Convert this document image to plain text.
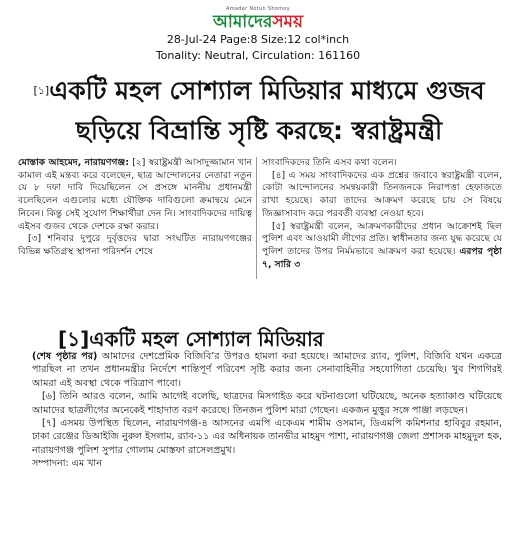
Amader Notun Shomoy
আমাদেরসময়
28-Jul-24 Page:8 Size:12 col*inch
Tonality: Neutral, Circulation: 161160
[১]একটি মহল সোশ্যাল মিডিয়ার মাধ্যমে গুজব
ছড়িয়ে বিভ্রান্তি সৃষ্টি করছে: স্বরাষ্ট্রমন্ত্রী

মোস্তাক আহমেদ, নারায়ণগঞ্জ: [২] স্বরাষ্ট্রমন্ত্রী আসাদুজ্জামান খান কামাল এই মন্তব্য করে বলেছেন, ছাত্র আন্দোলনের নেতারা নতুন যে ৮ দফা দাবি দিয়েছিলেন সে প্রসঙ্গে মাননীয় প্রধানমন্ত্রী বলেছিলেন এগুলোর মধ্যে যৌক্তিক দাবিগুলো ক্রমান্বয়ে মেনে নিবেন। কিন্তু সেই সুযোগ শিক্ষার্থীরা দেন নি। সাংবাদিকদের দায়িত্ব এইসব গুজব থেকে দেশকে রক্ষা করার।

[৩] শনিবার দুপুরে দুর্বৃত্তদের দ্বারা সংঘটিত নারায়ণগঞ্জের বিভিন্ন ক্ষতিগ্রস্থ স্থাপনা পরিদর্শন শেষে

সাংবাদিকদের তিনি এসব কথা বলেন।

[৪] এ সময় সাংবাদিকদের এক প্রশ্নের জবাবে স্বরাষ্ট্রমন্ত্রী বলেন, কোটা আন্দোলনের সমন্বয়কারী তিনজনকে নিরাপত্তা হেফাজতে রাখা হয়েছে। কারা তাদের আক্রমণ করেছে চায় সে বিষয়ে জিজ্ঞাসাবাদ করে পরবর্তী ব্যবস্থা নেওয়া হবে।

[৫] স্বরাষ্ট্রমন্ত্রী বলেন, আক্রমণকারীদের প্রধান আক্রোশই ছিল পুলিশ এবং আওয়ামী লীগের প্রতি। স্বাধীনতার জন্য যুদ্ধ করেছে যে পুলিশ তাদের উপর নির্মমভাবে আক্রমণ করা হয়েছে। এরপর পৃষ্ঠা ৭, সারি ৩

[১]একটি মহল সোশ্যাল মিডিয়ার

(শেষ পৃষ্ঠার পর) আমাদের দেশপ্রেমিক বিজিবি’র উপরও হামলা করা হয়েছে। আমাদের র‌্যাব, পুলিশ, বিজিবি যখন একত্রে পারছিল না তখন প্রধানমন্ত্রীর নির্দেশে শান্তিপূর্ণ পরিবেশ সৃষ্টি করার জন্য সেনাবাহিনীর সহযোগিতা চেয়েছি। খুব শিগগিরই আমরা এই অবস্থা থেকে পরিত্রাণ পাবো।

[৬] তিনি আরও বলেন, আমি আগেই বলেছি, ছাত্রদের মিসগাইড করে ঘটনাগুলো ঘটিয়েছে, অনেক হত্যাকাণ্ড ঘটিয়েছে আমাদের ছাত্রলীগের অনেকেই শাহাদাত বরণ করেছে। তিনজন পুলিশ মারা গেছেন। একজন মুত্তুর সঙ্গে পাঞ্জা লড়ছেন।

[৭] এসময় উপস্থিত ছিলেন, নারায়ণগঞ্জ-৪ আসনের এমপি একেএম শামীম ওসমান, ডিএমপি কমিশনার হাবিবুর রহমান, ঢাকা রেঞ্জের ডিআইজি নুরুল ইসলাম, র‌্যাব-১১ এর অধিনায়ক তানভীর মাহমুদ পাশা, নারায়ণগঞ্জ জেলা প্রশাসক মাহমুদুল হক, নারায়ণগঞ্জ পুলিশ সুপার গোলাম মোস্তফা রাসেলপ্রমুখ।

সম্পাদনা: এম খান
